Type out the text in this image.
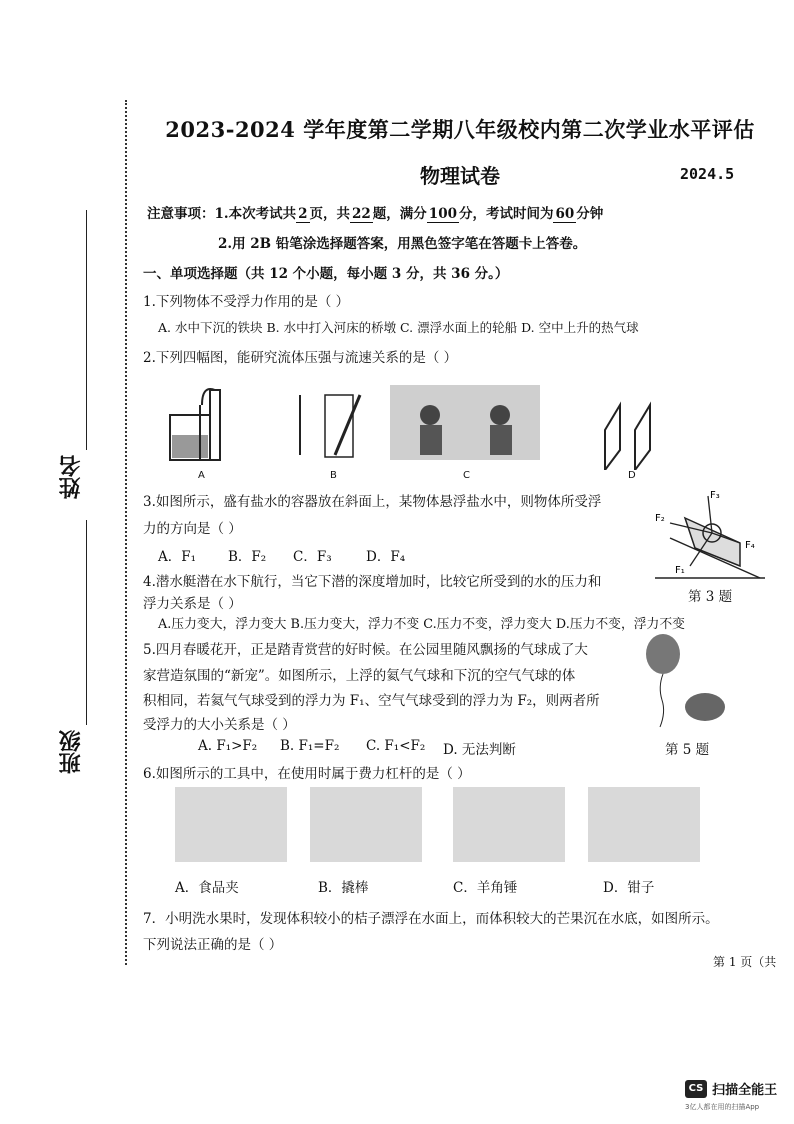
姓名
班级
2023-2024 学年度第二学期八年级校内第二次学业水平评估
物理试卷	2024.5
注意事项：1.本次考试共 2 页，共 22 题，满分 100 分，考试时间为 60 分钟
2.用 2B 铅笔涂选择题答案，用黑色签字笔在答题卡上答卷。
一、单项选择题（共 12 个小题，每小题 3 分，共 36 分。）
1.下列物体不受浮力作用的是（ ）
A. 水中下沉的铁块 B. 水中打入河床的桥墩 C. 漂浮水面上的轮船 D. 空中上升的热气球
2.下列四幅图，能研究流体压强与流速关系的是（ ）
A	B	C	D
3.如图所示，盛有盐水的容器放在斜面上，某物体悬浮盐水中，则物体所受浮
力的方向是（ ）
A．F₁ B．F₂ C．F₃	D．F₄
F₃
F₂
F₄
F₁
第 3 题
4.潜水艇潜在水下航行，当它下潜的深度增加时，比较它所受到的水的压力和
浮力关系是（ ）
A.压力变大，浮力变大 B.压力变大，浮力不变 C.压力不变，浮力变大 D.压力不变，浮力不变
5.四月春暖花开，正是踏青赏营的好时候。在公园里随风飘扬的气球成了大
家营造氛围的“新宠”。如图所示，上浮的氦气气球和下沉的空气气球的体
积相同，若氦气气球受到的浮力为 F₁、空气气球受到的浮力为 F₂，则两者所
受浮力的大小关系是（ ）
A. F₁>F₂ B. F₁=F₂ C. F₁<F₂ D. 无法判断	第 5 题
6.如图所示的工具中，在使用时属于费力杠杆的是（ ）
A．食品夹	B．撬棒	C．羊角锤	D．钳子
7．小明洗水果时，发现体积较小的桔子漂浮在水面上，而体积较大的芒果沉在水底，如图所示。
下列说法正确的是（ ）
第 1 页（共
CS 扫描全能王
3亿人都在用的扫描App
